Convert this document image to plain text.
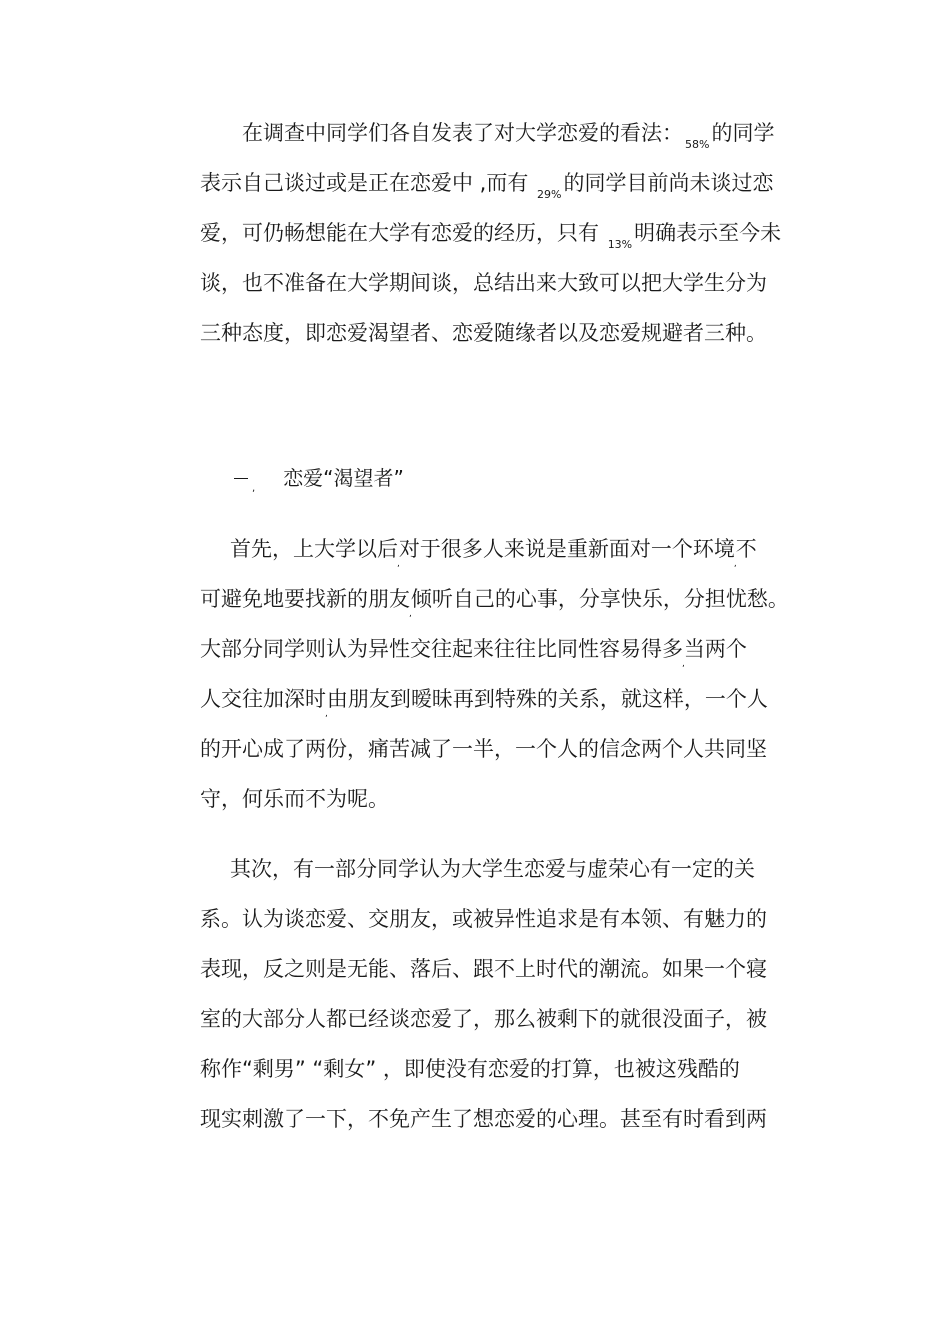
在调查中同学们各自发表了对大学恋爱的看法： $_{58\%}$的同学
表示自己谈过或是正在恋爱中 ,而有 $_{29\%}$的同学目前尚未谈过恋
爱，可仍畅想能在大学有恋爱的经历，只有 $_{13\%}$明确表示至今未
谈，也不准备在大学期间谈，总结出来大致可以把大学生分为
三种态度，即恋爱渴望者、恋爱随缘者以及恋爱规避者三种。
$_,$ 恋爱“渴望者”
首先，上大学以后$_,$对于很多人来说是重新面对一个环境$_,$不
可避免地要找新的朋友$_,$倾听自己的心事，分享快乐，分担忧愁。
大部分同学则认为异性交往起来往往比同性容易得多$_,$当两个
人交往加深时$_,$由朋友到暧昧再到特殊的关系，就这样，一个人
的开心成了两份，痛苦减了一半，一个人的信念两个人共同坚
守，何乐而不为呢。
其次，有一部分同学认为大学生恋爱与虚荣心有一定的关
系。认为谈恋爱、交朋友，或被异性追求是有本领、有魅力的
表现，反之则是无能、落后、跟不上时代的潮流。如果一个寝
室的大部分人都已经谈恋爱了，那么被剩下的就很没面子，被
称作“剩男” “剩女” ，即使没有恋爱的打算，也被这残酷的
现实刺激了一下，不免产生了想恋爱的心理。甚至有时看到两
